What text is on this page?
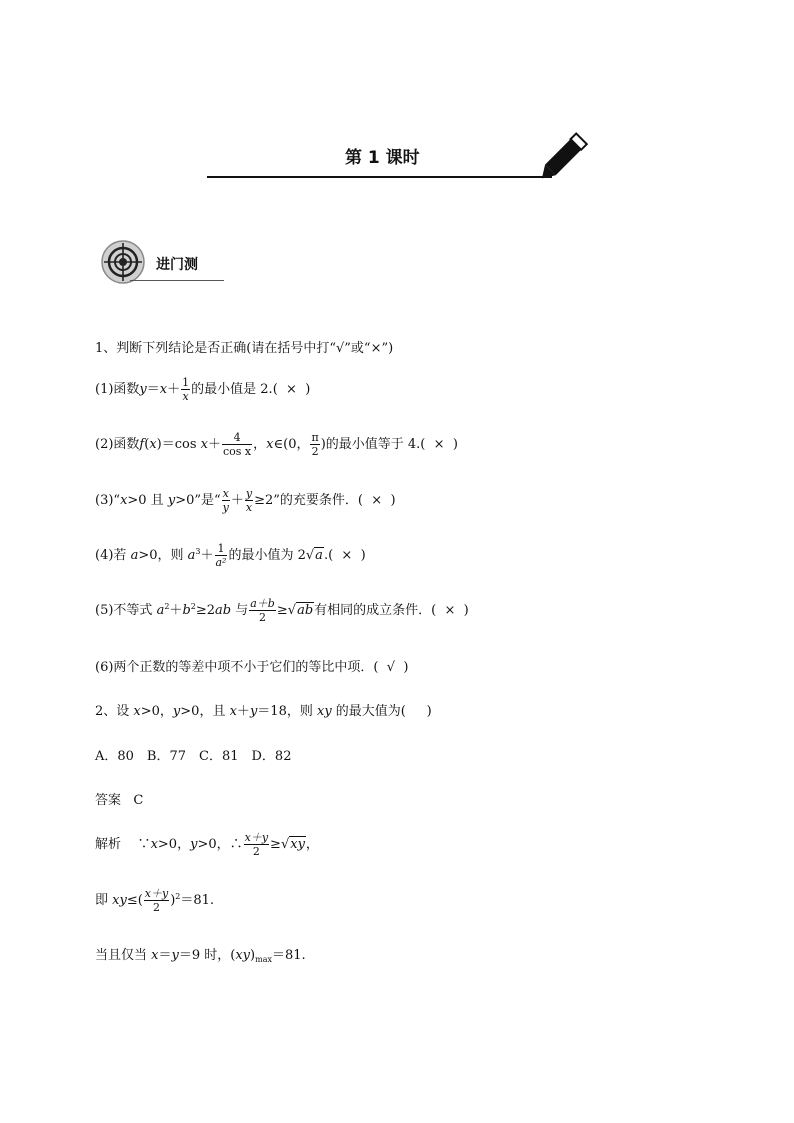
第 1 课时
进门测
1、判断下列结论是否正确(请在括号中打“√”或“×”)
(1)函数$y=x+ \frac{1}{x}$ 的最小值是 2.( × )
(2)函数f(x)＝cos $x+ \frac{4}{\text{cos x}}$ ，x∈(0， $\frac{\pi}{2}$ )的最小值等于 4.( × )
(3)“x>0 且 y>0”是“ $\frac{x}{y} + \frac{y}{x} \ge 2$”的充要条件．( × )
(4)若 a>0，则 $a^3+ \frac{1}{\text{a²}}$ 的最小值为 2√a.( × )
(5)不等式 $a^2+b^2\ge 2ab$ 与 $\frac{a+b}{2} \ge√ab$有相同的成立条件．( × )
(6)两个正数的等差中项不小于它们的等比中项．( √ )
2、设 x>0，y>0，且 x＋y＝18，则 xy 的最大值为( )
A．80　B．77　C．81　D．82
答案 C
解析 ∵x>0，y>0，∴ $\frac{x+y}{2} \ge√xy$，
即 $xy\le( \frac{x+y}{2} )^2=81$.
当且仅当 x＝y＝9 时，$(xy)_{max}=81$.
